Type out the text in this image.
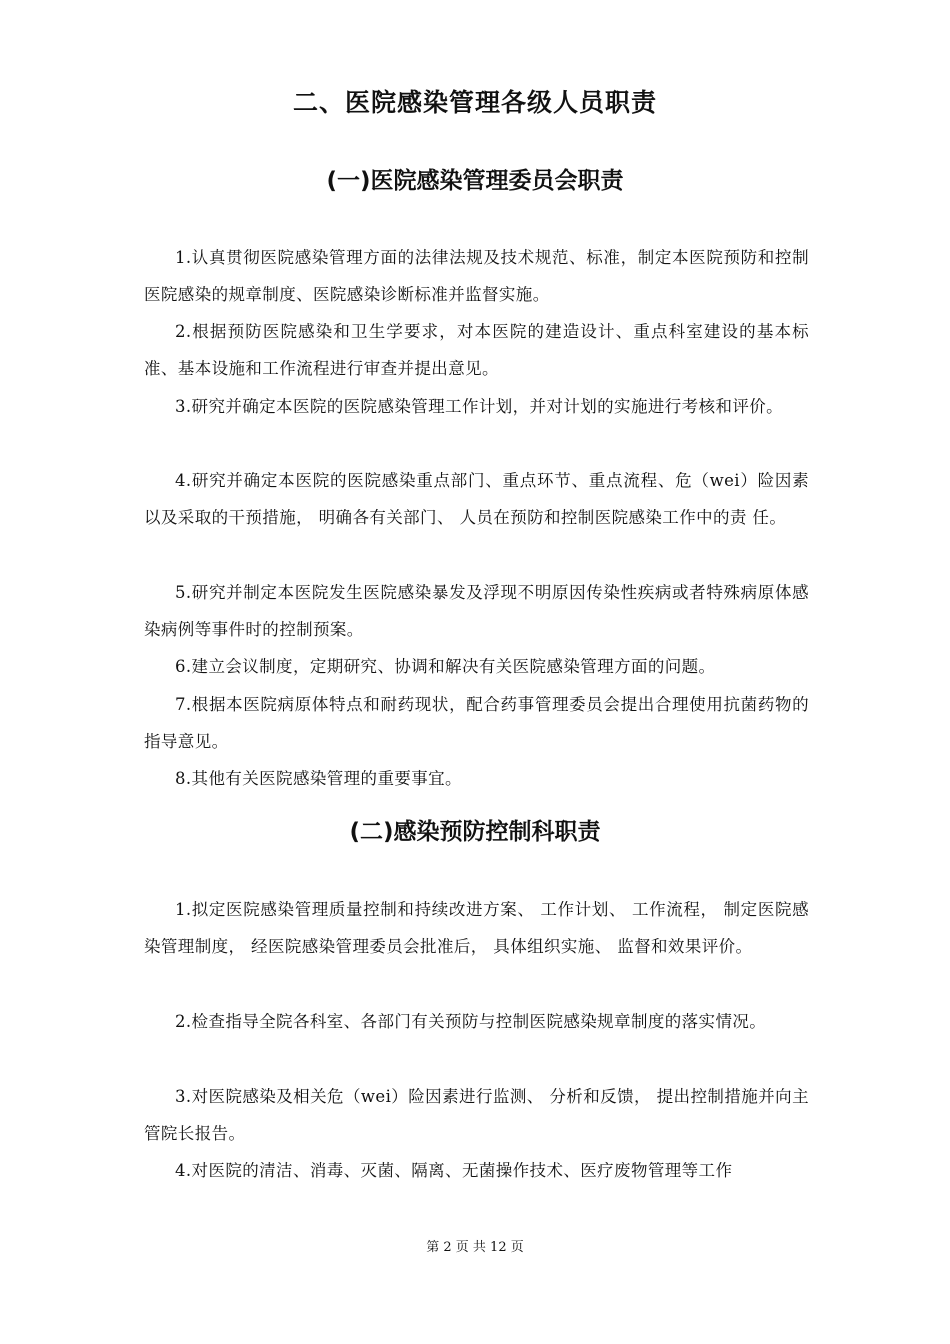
二、医院感染管理各级人员职责
(一)医院感染管理委员会职责

1.认真贯彻医院感染管理方面的法律法规及技术规范、标准，制定本医院预防和控制医院感染的规章制度、医院感染诊断标准并监督实施。

2.根据预防医院感染和卫生学要求，对本医院的建造设计、重点科室建设的基本标准、基本设施和工作流程进行审查并提出意见。

3.研究并确定本医院的医院感染管理工作计划，并对计划的实施进行考核和评价。

4.研究并确定本医院的医院感染重点部门、重点环节、重点流程、危（wei）险因素 以及采取的干预措施， 明确各有关部门、 人员在预防和控制医院感染工作中的责 任。

5.研究并制定本医院发生医院感染暴发及浮现不明原因传染性疾病或者特殊病原体感染病例等事件时的控制预案。

6.建立会议制度，定期研究、协调和解决有关医院感染管理方面的问题。

7.根据本医院病原体特点和耐药现状，配合药事管理委员会提出合理使用抗菌药物的指导意见。

8.其他有关医院感染管理的重要事宜。

(二)感染预防控制科职责

1.拟定医院感染管理质量控制和持续改进方案、 工作计划、 工作流程， 制定医院感染管理制度， 经医院感染管理委员会批准后， 具体组织实施、 监督和效果评价。

2.检查指导全院各科室、各部门有关预防与控制医院感染规章制度的落实情况。

3.对医院感染及相关危（wei）险因素进行监测、 分析和反馈， 提出控制措施并向主 管院长报告。

4.对医院的清洁、消毒、灭菌、隔离、无菌操作技术、医疗废物管理等工作

第 2 页 共 12 页
